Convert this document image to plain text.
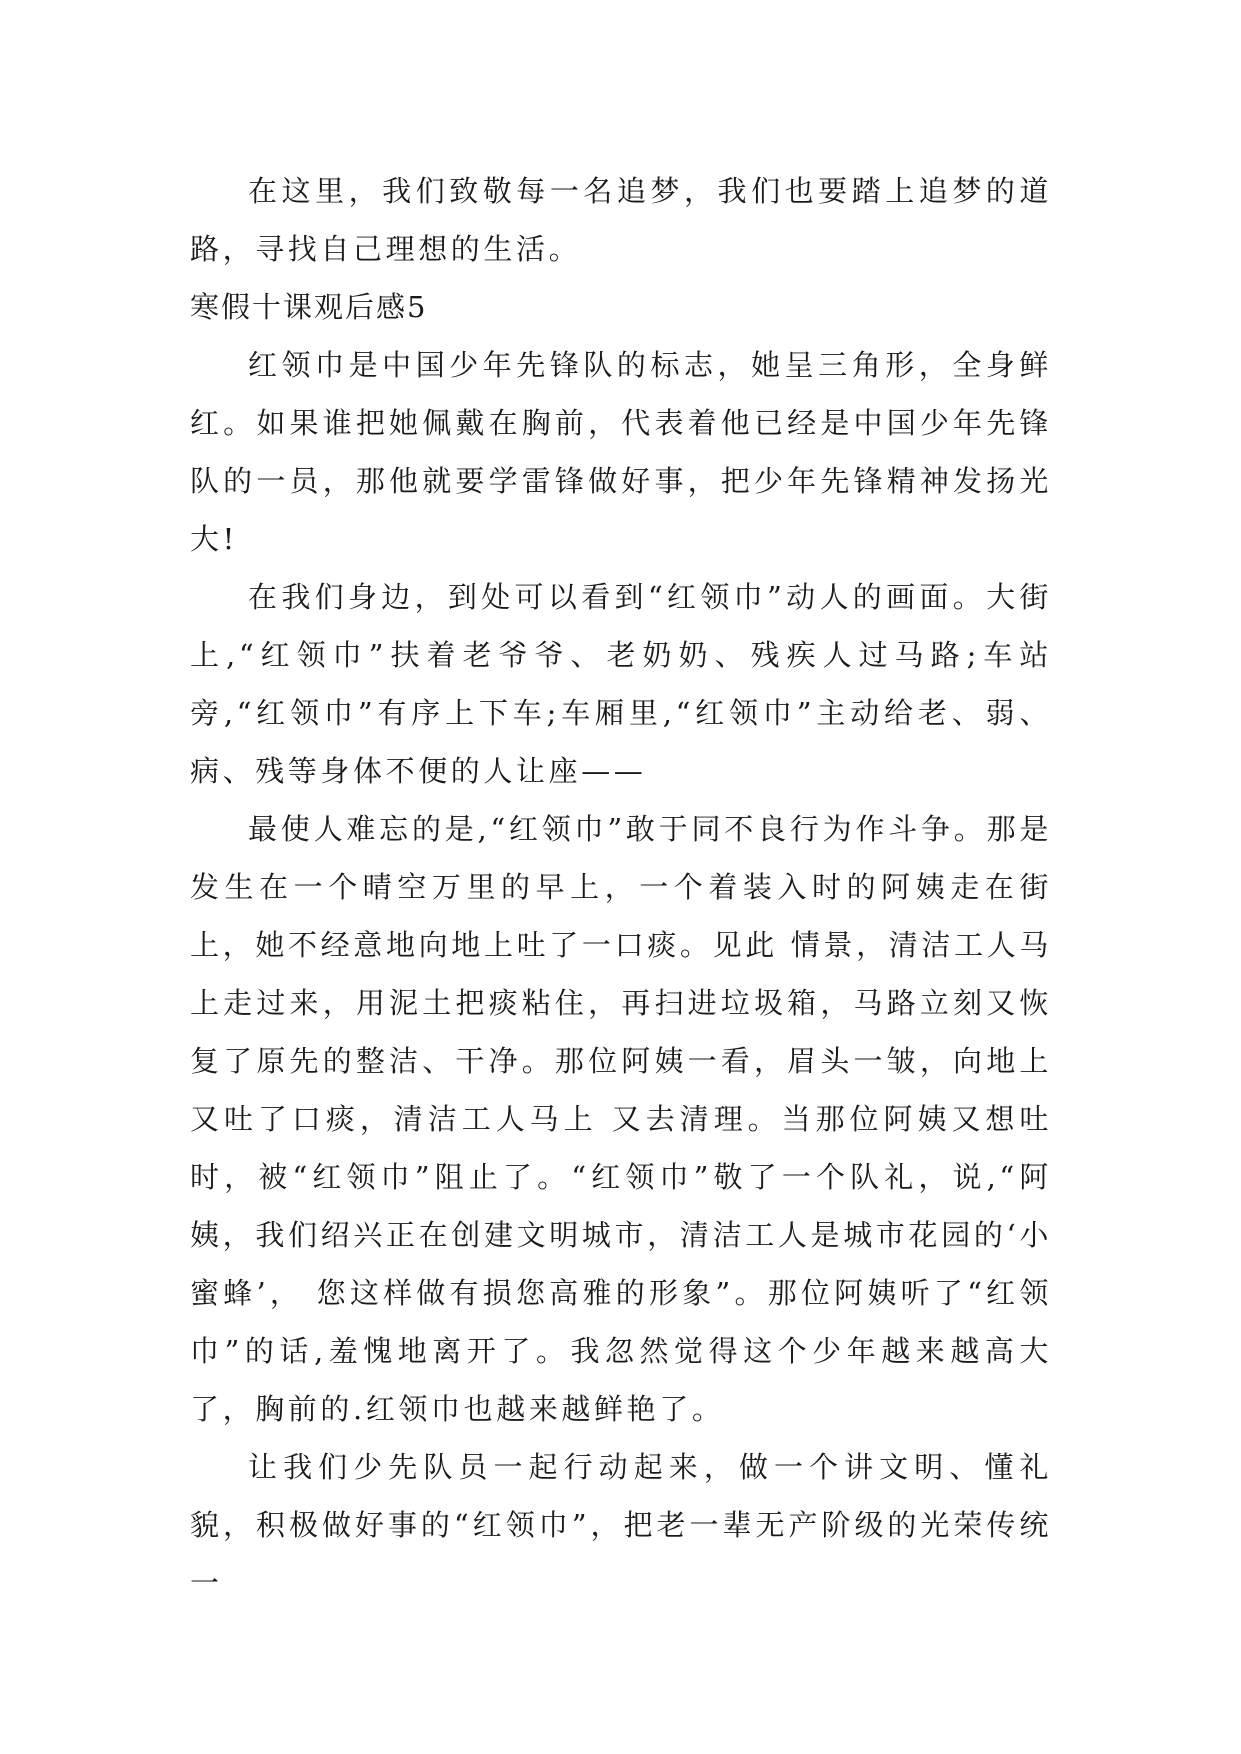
在这里，我们致敬每一名追梦，我们也要踏上追梦的道路，寻找自己理想的生活。

寒假十课观后感5

红领巾是中国少年先锋队的标志，她呈三角形，全身鲜红。如果谁把她佩戴在胸前，代表着他已经是中国少年先锋队的一员，那他就要学雷锋做好事，把少年先锋精神发扬光大!

在我们身边，到处可以看到“红领巾”动人的画面。大街上,“红领巾”扶着老爷爷、老奶奶、残疾人过马路;车站旁,“红领巾”有序上下车;车厢里,“红领巾”主动给老、弱、病、残等身体不便的人让座——

最使人难忘的是,“红领巾”敢于同不良行为作斗争。那是发生在一个晴空万里的早上，一个着装入时的阿姨走在街上，她不经意地向地上吐了一口痰。见此 情景，清洁工人马上走过来，用泥土把痰粘住，再扫进垃圾箱，马路立刻又恢复了原先的整洁、干净。那位阿姨一看，眉头一皱，向地上又吐了口痰，清洁工人马上 又去清理。当那位阿姨又想吐时，被“红领巾”阻止了。“红领巾”敬了一个队礼，说,“阿姨，我们绍兴正在创建文明城市，清洁工人是城市花园的‘小蜜蜂’， 您这样做有损您高雅的形象”。那位阿姨听了“红领巾”的话,羞愧地离开了。我忽然觉得这个少年越来越高大了，胸前的.红领巾也越来越鲜艳了。

让我们少先队员一起行动起来，做一个讲文明、懂礼貌，积极做好事的“红领巾”，把老一辈无产阶级的光荣传统一
